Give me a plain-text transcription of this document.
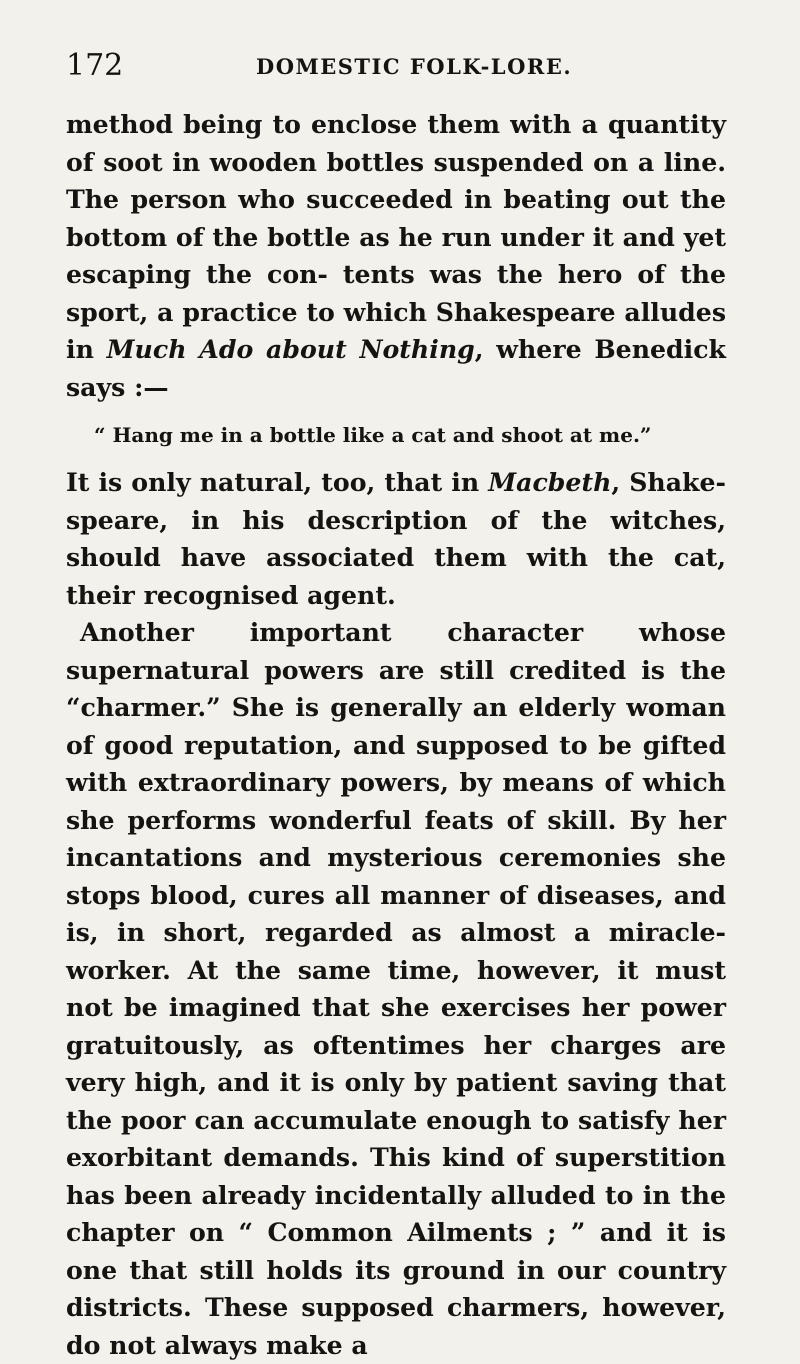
172	DOMESTIC FOLK-LORE.

method being to enclose them with a quantity of soot in wooden bottles suspended on a line. The person who succeeded in beating out the bottom of the bottle as he run under it and yet escaping the con- tents was the hero of the sport, a practice to which Shakespeare alludes in Much Ado about Nothing, where Benedick says :—

“ Hang me in a bottle like a cat and shoot at me.”

It is only natural, too, that in Macbeth, Shake- speare, in his description of the witches, should have associated them with the cat, their recognised agent.

Another important character whose supernatural powers are still credited is the “charmer.” She is generally an elderly woman of good reputation, and supposed to be gifted with extraordinary powers, by means of which she performs wonderful feats of skill. By her incantations and mysterious ceremonies she stops blood, cures all manner of diseases, and is, in short, regarded as almost a miracle-worker. At the same time, however, it must not be imagined that she exercises her power gratuitously, as oftentimes her charges are very high, and it is only by patient saving that the poor can accumulate enough to satisfy her exorbitant demands. This kind of superstition has been already incidentally alluded to in the chapter on “ Common Ailments ; ” and it is one that still holds its ground in our country districts. These supposed charmers, however, do not always make a
